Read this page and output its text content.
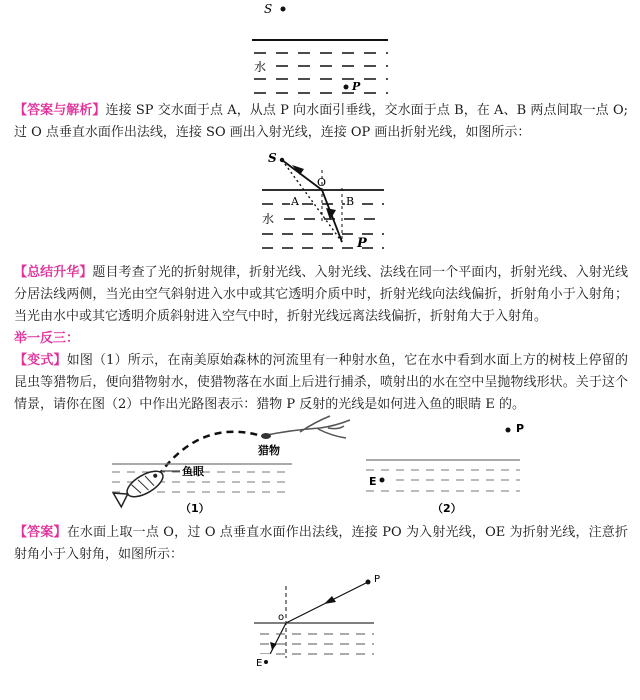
S
水
P

【答案与解析】连接 SP 交水面于点 A，从点 P 向水面引垂线，交水面于点 B，在 A、B 两点间取一点 O;过 O 点垂直水面作出法线，连接 SO 画出入射光线，连接 OP 画出折射光线，如图所示：

S
O
A	B
水
P

【总结升华】题目考查了光的折射规律，折射光线、入射光线、法线在同一个平面内，折射光线、入射光线分居法线两侧，当光由空气斜射进入水中或其它透明介质中时，折射光线向法线偏折，折射角小于入射角；当光由水中或其它透明介质斜射进入空气中时，折射光线远离法线偏折，折射角大于入射角。

举一反三：

【变式】如图（1）所示，在南美原始森林的河流里有一种射水鱼，它在水中看到水面上方的树枝上停留的昆虫等猎物后，便向猎物射水，使猎物落在水面上后进行捕杀，喷射出的水在空中呈抛物线形状。关于这个情景，请你在图（2）中作出光路图表示：猎物 P 反射的光线是如何进入鱼的眼睛 E 的。

猎物
鱼眼
（1）
P
E
（2）

【答案】在水面上取一点 O，过 O 点垂直水面作出法线，连接 PO 为入射光线，OE 为折射光线，注意折射角小于入射角，如图所示：

P
o
E
